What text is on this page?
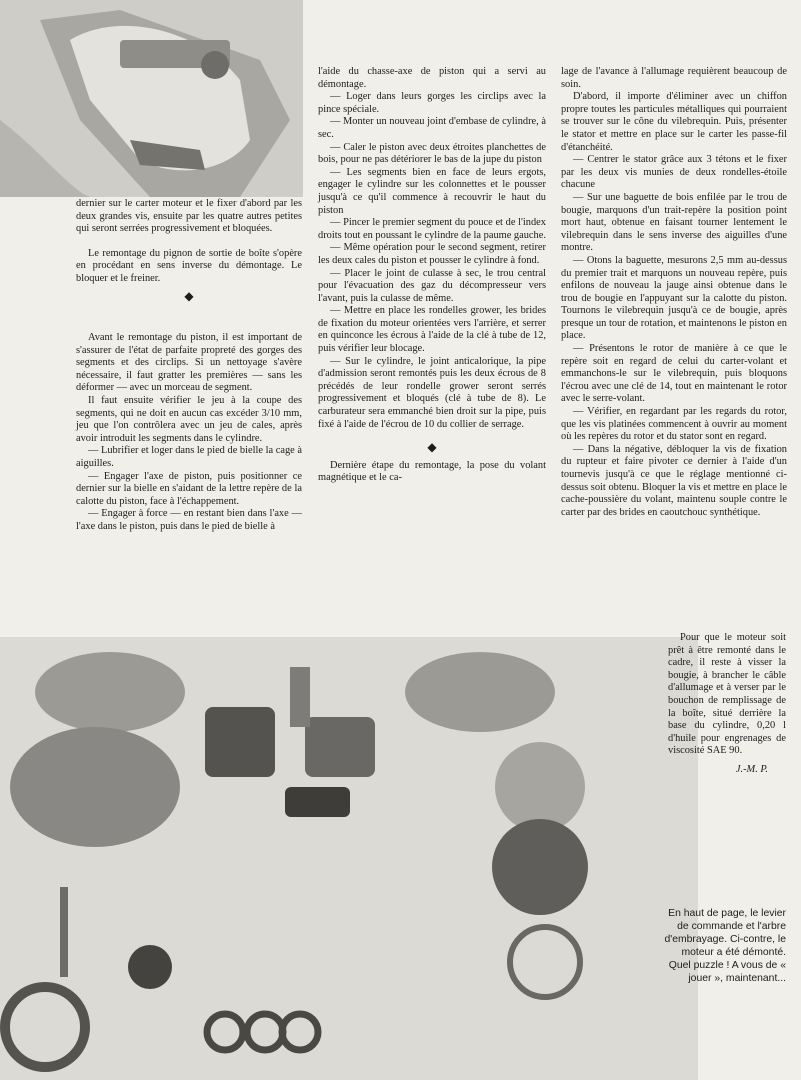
dernier sur le carter moteur et le fixer d'abord par les deux grandes vis, ensuite par les quatre autres petites qui seront serrées progressivement et bloquées.

Le remontage du pignon de sortie de boîte s'opère en procédant en sens inverse du démontage. Le bloquer et le freiner.

◆

Avant le remontage du piston, il est important de s'assurer de l'état de parfaite propreté des gorges des segments et des circlips. Si un nettoyage s'avère nécessaire, il faut gratter les premières — sans les déformer — avec un morceau de segment.

Il faut ensuite vérifier le jeu à la coupe des segments, qui ne doit en aucun cas excéder 3/10 mm, jeu que l'on contrôlera avec un jeu de cales, après avoir introduit les segments dans le cylindre.

— Lubrifier et loger dans le pied de bielle la cage à aiguilles.

— Engager l'axe de piston, puis positionner ce dernier sur la bielle en s'aidant de la lettre repère de la calotte du piston, face à l'échappement.

— Engager à force — en restant bien dans l'axe — l'axe dans le piston, puis dans le pied de bielle à

l'aide du chasse-axe de piston qui a servi au démontage.

— Loger dans leurs gorges les circlips avec la pince spéciale.

— Monter un nouveau joint d'embase de cylindre, à sec.

— Caler le piston avec deux étroites planchettes de bois, pour ne pas détériorer le bas de la jupe du piston

— Les segments bien en face de leurs ergots, engager le cylindre sur les colonnettes et le pousser jusqu'à ce qu'il commence à recouvrir le haut du piston

— Pincer le premier segment du pouce et de l'index droits tout en poussant le cylindre de la paume gauche.

— Même opération pour le second segment, retirer les deux cales du piston et pousser le cylindre à fond.

— Placer le joint de culasse à sec, le trou central pour l'évacuation des gaz du décompresseur vers l'avant, puis la culasse de même.

— Mettre en place les rondelles grower, les brides de fixation du moteur orientées vers l'arrière, et serrer en quinconce les écrous à l'aide de la clé à tube de 12, puis vérifier leur blocage.

— Sur le cylindre, le joint anticalorique, la pipe d'admission seront remontés puis les deux écrous de 8 précédés de leur rondelle grower seront serrés progressivement et bloqués (clé à tube de 8). Le carburateur sera emmanché bien droit sur la pipe, puis fixé à l'aide de l'écrou de 10 du collier de serrage.

◆

Dernière étape du remontage, la pose du volant magnétique et le ca-

lage de l'avance à l'allumage requièrent beaucoup de soin.

D'abord, il importe d'éliminer avec un chiffon propre toutes les particules métalliques qui pourraient se trouver sur le cône du vilebrequin. Puis, présenter le stator et mettre en place sur le carter les passe-fil d'étanchéité.

— Centrer le stator grâce aux 3 tétons et le fixer par les deux vis munies de deux rondelles-étoile chacune

— Sur une baguette de bois enfilée par le trou de bougie, marquons d'un trait-repère la position point mort haut, obtenue en faisant tourner lentement le vilebrequin dans le sens inverse des aiguilles d'une montre.

— Otons la baguette, mesurons 2,5 mm au-dessus du premier trait et marquons un nouveau repère, puis enfilons de nouveau la jauge ainsi obtenue dans le trou de bougie en l'appuyant sur la calotte du piston. Tournons le vilebrequin jusqu'à ce de bougie, après presque un tour de rotation, et maintenons le piston en place.

— Présentons le rotor de manière à ce que le repère soit en regard de celui du carter-volant et emmanchons-le sur le vilebrequin, puis bloquons l'écrou avec une clé de 14, tout en maintenant le rotor avec le serre-volant.

— Vérifier, en regardant par les regards du rotor, que les vis platinées commencent à ouvrir au moment où les repères du rotor et du stator sont en regard.

— Dans la négative, débloquer la vis de fixation du rupteur et faire pivoter ce dernier à l'aide d'un tournevis jusqu'à ce que le réglage mentionné ci-dessus soit obtenu. Bloquer la vis et mettre en place le cache-poussière du volant, maintenu souple contre le carter par des brides en caoutchouc synthétique.

Pour que le moteur soit prêt à être remonté dans le cadre, il reste à visser la bougie, à brancher le câble d'allumage et à verser par le bouchon de remplissage de la boîte, situé derrière la base du cylindre, 0,20 l d'huile pour engrenages de viscosité SAE 90.

J.-M. P.
En haut de page, le levier de commande et l'arbre d'embrayage. Ci-contre, le moteur a été démonté. Quel puzzle ! A vous de « jouer », maintenant...
